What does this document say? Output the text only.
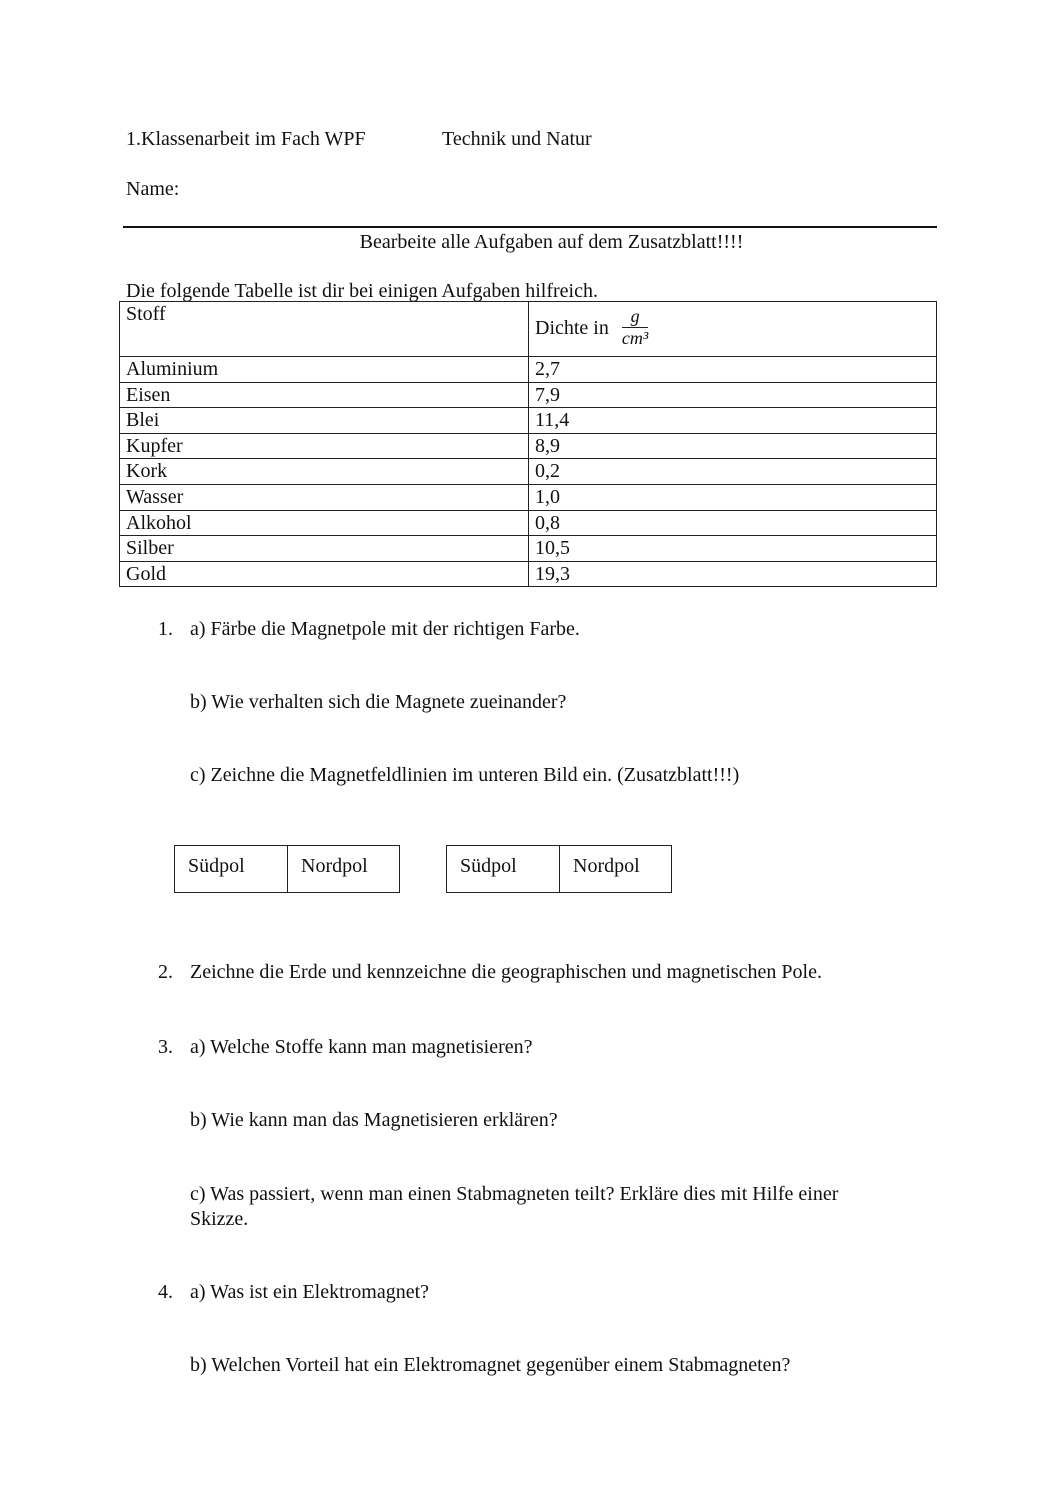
1.Klassenarbeit im Fach WPF	Technik und Natur
Name:
Bearbeite alle Aufgaben auf dem Zusatzblatt!!!!
Die folgende Tabelle ist dir bei einigen Aufgaben hilfreich.
Stoff	Dichte in $\frac{g}{\text{cm³}}$

Aluminium	2,7
Eisen	7,9
Blei	11,4
Kupfer	8,9
Kork	0,2
Wasser	1,0
Alkohol	0,8
Silber	10,5
Gold	19,3
1. a) Färbe die Magnetpole mit der richtigen Farbe.
b) Wie verhalten sich die Magnete zueinander?
c) Zeichne die Magnetfeldlinien im unteren Bild ein. (Zusatzblatt!!!)
Südpol	Nordpol	Südpol	Nordpol
2. Zeichne die Erde und kennzeichne die geographischen und magnetischen Pole.
3. a) Welche Stoffe kann man magnetisieren?
b) Wie kann man das Magnetisieren erklären?
c) Was passiert, wenn man einen Stabmagneten teilt? Erkläre dies mit Hilfe einer
Skizze.
4. a) Was ist ein Elektromagnet?
b) Welchen Vorteil hat ein Elektromagnet gegenüber einem Stabmagneten?
